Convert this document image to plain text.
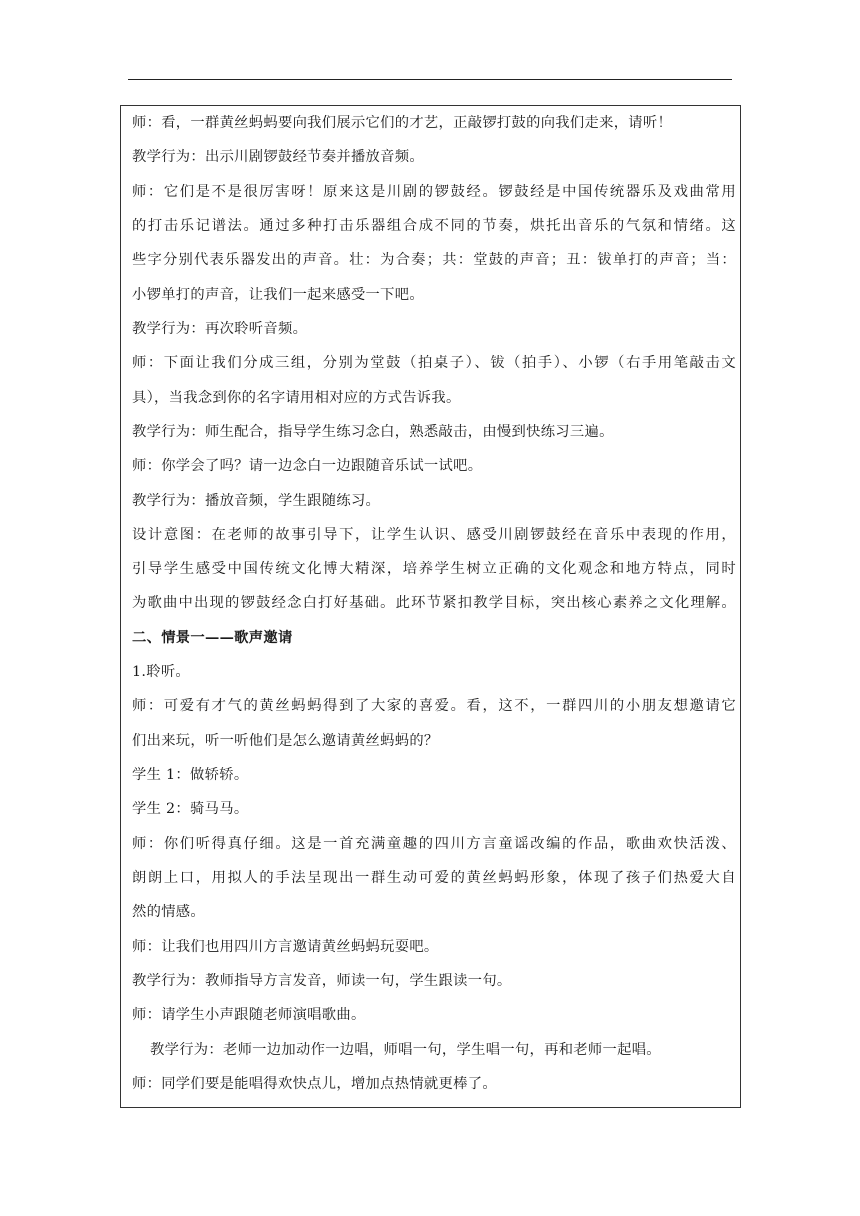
师：看，一群黄丝蚂蚂要向我们展示它们的才艺，正敲锣打鼓的向我们走来，请听！
教学行为：出示川剧锣鼓经节奏并播放音频。
师：它们是不是很厉害呀！原来这是川剧的锣鼓经。锣鼓经是中国传统器乐及戏曲常用
的打击乐记谱法。通过多种打击乐器组合成不同的节奏，烘托出音乐的气氛和情绪。这
些字分别代表乐器发出的声音。壮：为合奏；共：堂鼓的声音；丑：钹单打的声音；当：
小锣单打的声音，让我们一起来感受一下吧。
教学行为：再次聆听音频。
师：下面让我们分成三组，分别为堂鼓（拍桌子）、钹（拍手）、小锣（右手用笔敲击文
具），当我念到你的名字请用相对应的方式告诉我。
教学行为：师生配合，指导学生练习念白，熟悉敲击，由慢到快练习三遍。
师：你学会了吗？请一边念白一边跟随音乐试一试吧。
教学行为：播放音频，学生跟随练习。
设计意图：在老师的故事引导下，让学生认识、感受川剧锣鼓经在音乐中表现的作用，
引导学生感受中国传统文化博大精深，培养学生树立正确的文化观念和地方特点，同时
为歌曲中出现的锣鼓经念白打好基础。此环节紧扣教学目标，突出核心素养之文化理解。
二、情景一——歌声邀请
1.聆听。
师：可爱有才气的黄丝蚂蚂得到了大家的喜爱。看，这不，一群四川的小朋友想邀请它
们出来玩，听一听他们是怎么邀请黄丝蚂蚂的？
学生 1：做轿轿。
学生 2：骑马马。
师：你们听得真仔细。这是一首充满童趣的四川方言童谣改编的作品，歌曲欢快活泼、
朗朗上口，用拟人的手法呈现出一群生动可爱的黄丝蚂蚂形象，体现了孩子们热爱大自
然的情感。
师：让我们也用四川方言邀请黄丝蚂蚂玩耍吧。
教学行为：教师指导方言发音，师读一句，学生跟读一句。
师：请学生小声跟随老师演唱歌曲。
教学行为：老师一边加动作一边唱，师唱一句，学生唱一句，再和老师一起唱。
师：同学们要是能唱得欢快点儿，增加点热情就更棒了。
